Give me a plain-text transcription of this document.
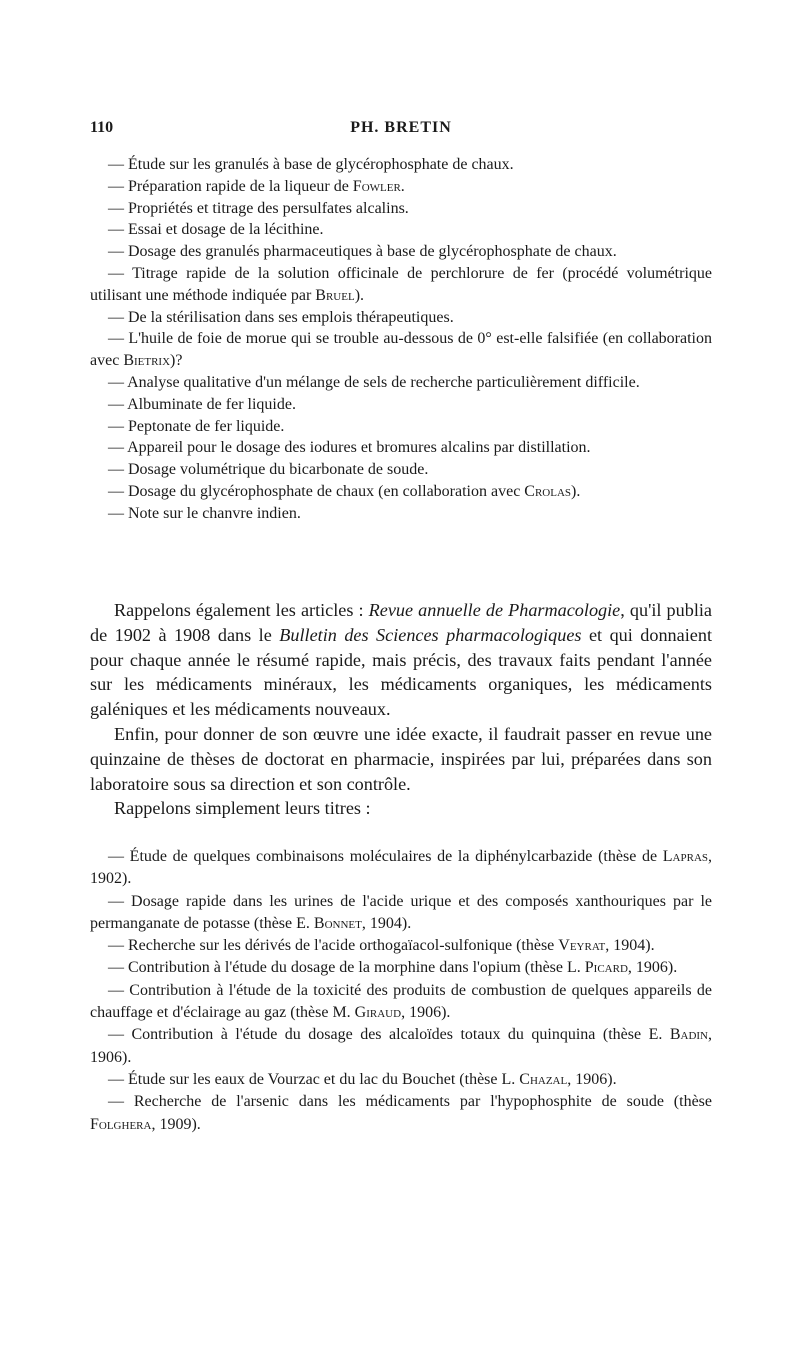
110	PH. BRETIN

— Étude sur les granulés à base de glycérophosphate de chaux.

— Préparation rapide de la liqueur de Fowler.

— Propriétés et titrage des persulfates alcalins.

— Essai et dosage de la lécithine.

— Dosage des granulés pharmaceutiques à base de glycérophosphate de chaux.

— Titrage rapide de la solution officinale de perchlorure de fer (procédé volumétrique utilisant une méthode indiquée par Bruel).

— De la stérilisation dans ses emplois thérapeutiques.

— L'huile de foie de morue qui se trouble au-dessous de 0° est-elle falsifiée (en collaboration avec Bietrix)?

— Analyse qualitative d'un mélange de sels de recherche particulièrement difficile.

— Albuminate de fer liquide.

— Peptonate de fer liquide.

— Appareil pour le dosage des iodures et bromures alcalins par distillation.

— Dosage volumétrique du bicarbonate de soude.

— Dosage du glycérophosphate de chaux (en collaboration avec Crolas).

— Note sur le chanvre indien.

Rappelons également les articles : Revue annuelle de Pharmacologie, qu'il publia de 1902 à 1908 dans le Bulletin des Sciences pharmacologiques et qui donnaient pour chaque année le résumé rapide, mais précis, des travaux faits pendant l'année sur les médicaments minéraux, les médicaments organiques, les médicaments galéniques et les médicaments nouveaux.

Enfin, pour donner de son œuvre une idée exacte, il faudrait passer en revue une quinzaine de thèses de doctorat en pharmacie, inspirées par lui, préparées dans son laboratoire sous sa direction et son contrôle.

Rappelons simplement leurs titres :

— Étude de quelques combinaisons moléculaires de la diphénylcarbazide (thèse de Lapras, 1902).

— Dosage rapide dans les urines de l'acide urique et des composés xanthouriques par le permanganate de potasse (thèse E. Bonnet, 1904).

— Recherche sur les dérivés de l'acide orthogaïacol-sulfonique (thèse Veyrat, 1904).

— Contribution à l'étude du dosage de la morphine dans l'opium (thèse L. Picard, 1906).

— Contribution à l'étude de la toxicité des produits de combustion de quelques appareils de chauffage et d'éclairage au gaz (thèse M. Giraud, 1906).

— Contribution à l'étude du dosage des alcaloïdes totaux du quinquina (thèse E. Badin, 1906).

— Étude sur les eaux de Vourzac et du lac du Bouchet (thèse L. Chazal, 1906).

— Recherche de l'arsenic dans les médicaments par l'hypophosphite de soude (thèse Folghera, 1909).
